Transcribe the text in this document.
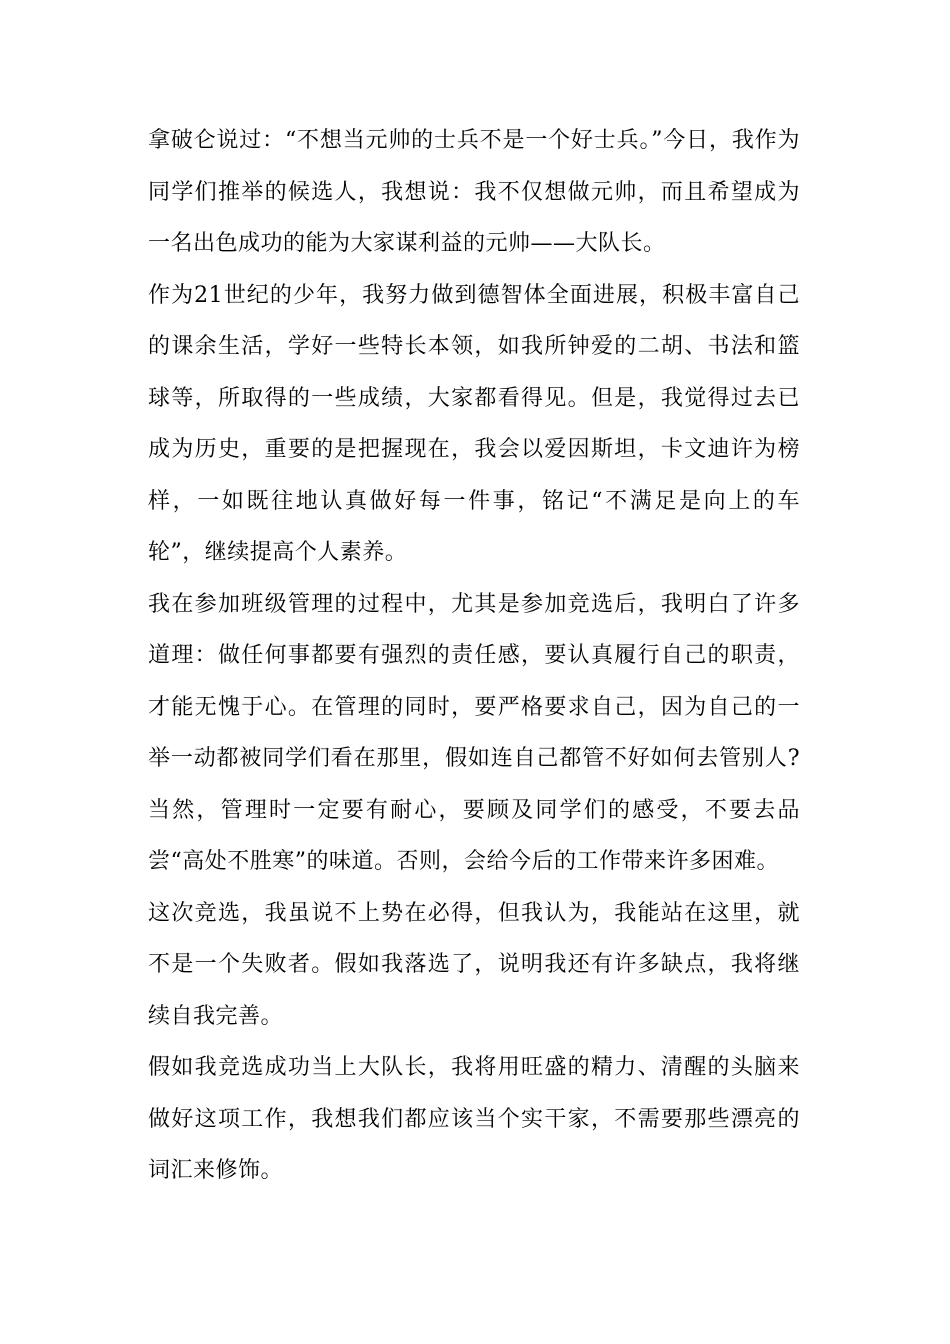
拿破仑说过：“不想当元帅的士兵不是一个好士兵。”今日，我作为同学们推举的候选人，我想说：我不仅想做元帅，而且希望成为一名出色成功的能为大家谋利益的元帅——大队长。

作为21世纪的少年，我努力做到德智体全面进展，积极丰富自己的课余生活，学好一些特长本领，如我所钟爱的二胡、书法和篮球等，所取得的一些成绩，大家都看得见。但是，我觉得过去已成为历史，重要的是把握现在，我会以爱因斯坦，卡文迪许为榜样，一如既往地认真做好每一件事，铭记“不满足是向上的车轮”，继续提高个人素养。

我在参加班级管理的过程中，尤其是参加竞选后，我明白了许多道理：做任何事都要有强烈的责任感，要认真履行自己的职责，才能无愧于心。在管理的同时，要严格要求自己，因为自己的一举一动都被同学们看在那里，假如连自己都管不好如何去管别人?当然，管理时一定要有耐心，要顾及同学们的感受，不要去品尝“高处不胜寒”的味道。否则，会给今后的工作带来许多困难。

这次竞选，我虽说不上势在必得，但我认为，我能站在这里，就不是一个失败者。假如我落选了，说明我还有许多缺点，我将继续自我完善。

假如我竞选成功当上大队长，我将用旺盛的精力、清醒的头脑来做好这项工作，我想我们都应该当个实干家，不需要那些漂亮的词汇来修饰。
